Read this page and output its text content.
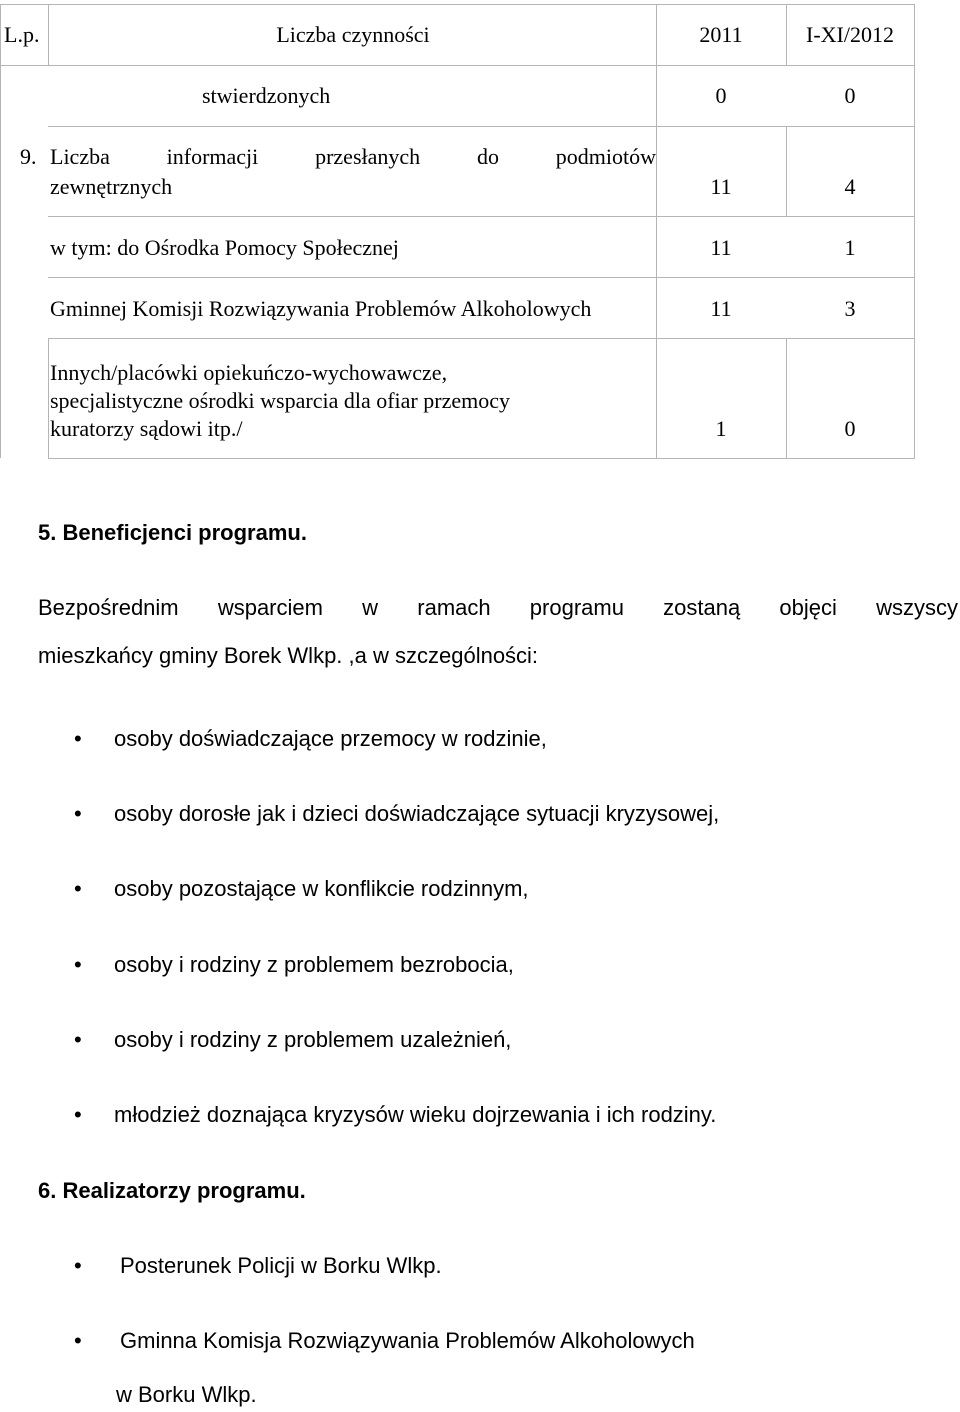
L.p.	Liczba czynności	2011	I-XI/2012
stwierdzonych	0	0
9. Liczba informacji przesłanych do podmiotów
zewnętrznych	11	4
w tym: do Ośrodka Pomocy Społecznej	11	1
Gminnej Komisji Rozwiązywania Problemów Alkoholowych	11	3
Innych/placówki opiekuńczo-wychowawcze,
specjalistyczne ośrodki wsparcia dla ofiar przemocy
kuratorzy sądowi itp./	1	0
5. Beneficjenci programu.
Bezpośrednim wsparciem w ramach programu zostaną objęci wszyscy
mieszkańcy gminy Borek Wlkp. ,a w szczególności:
• osoby doświadczające przemocy w rodzinie,
• osoby dorosłe jak i dzieci doświadczające sytuacji kryzysowej,
• osoby pozostające w konflikcie rodzinnym,
• osoby i rodziny z problemem bezrobocia,
• osoby i rodziny z problemem uzależnień,
• młodzież doznająca kryzysów wieku dojrzewania i ich rodziny.
6. Realizatorzy programu.
• Posterunek Policji w Borku Wlkp.
• Gminna Komisja Rozwiązywania Problemów Alkoholowych
w Borku Wlkp.
